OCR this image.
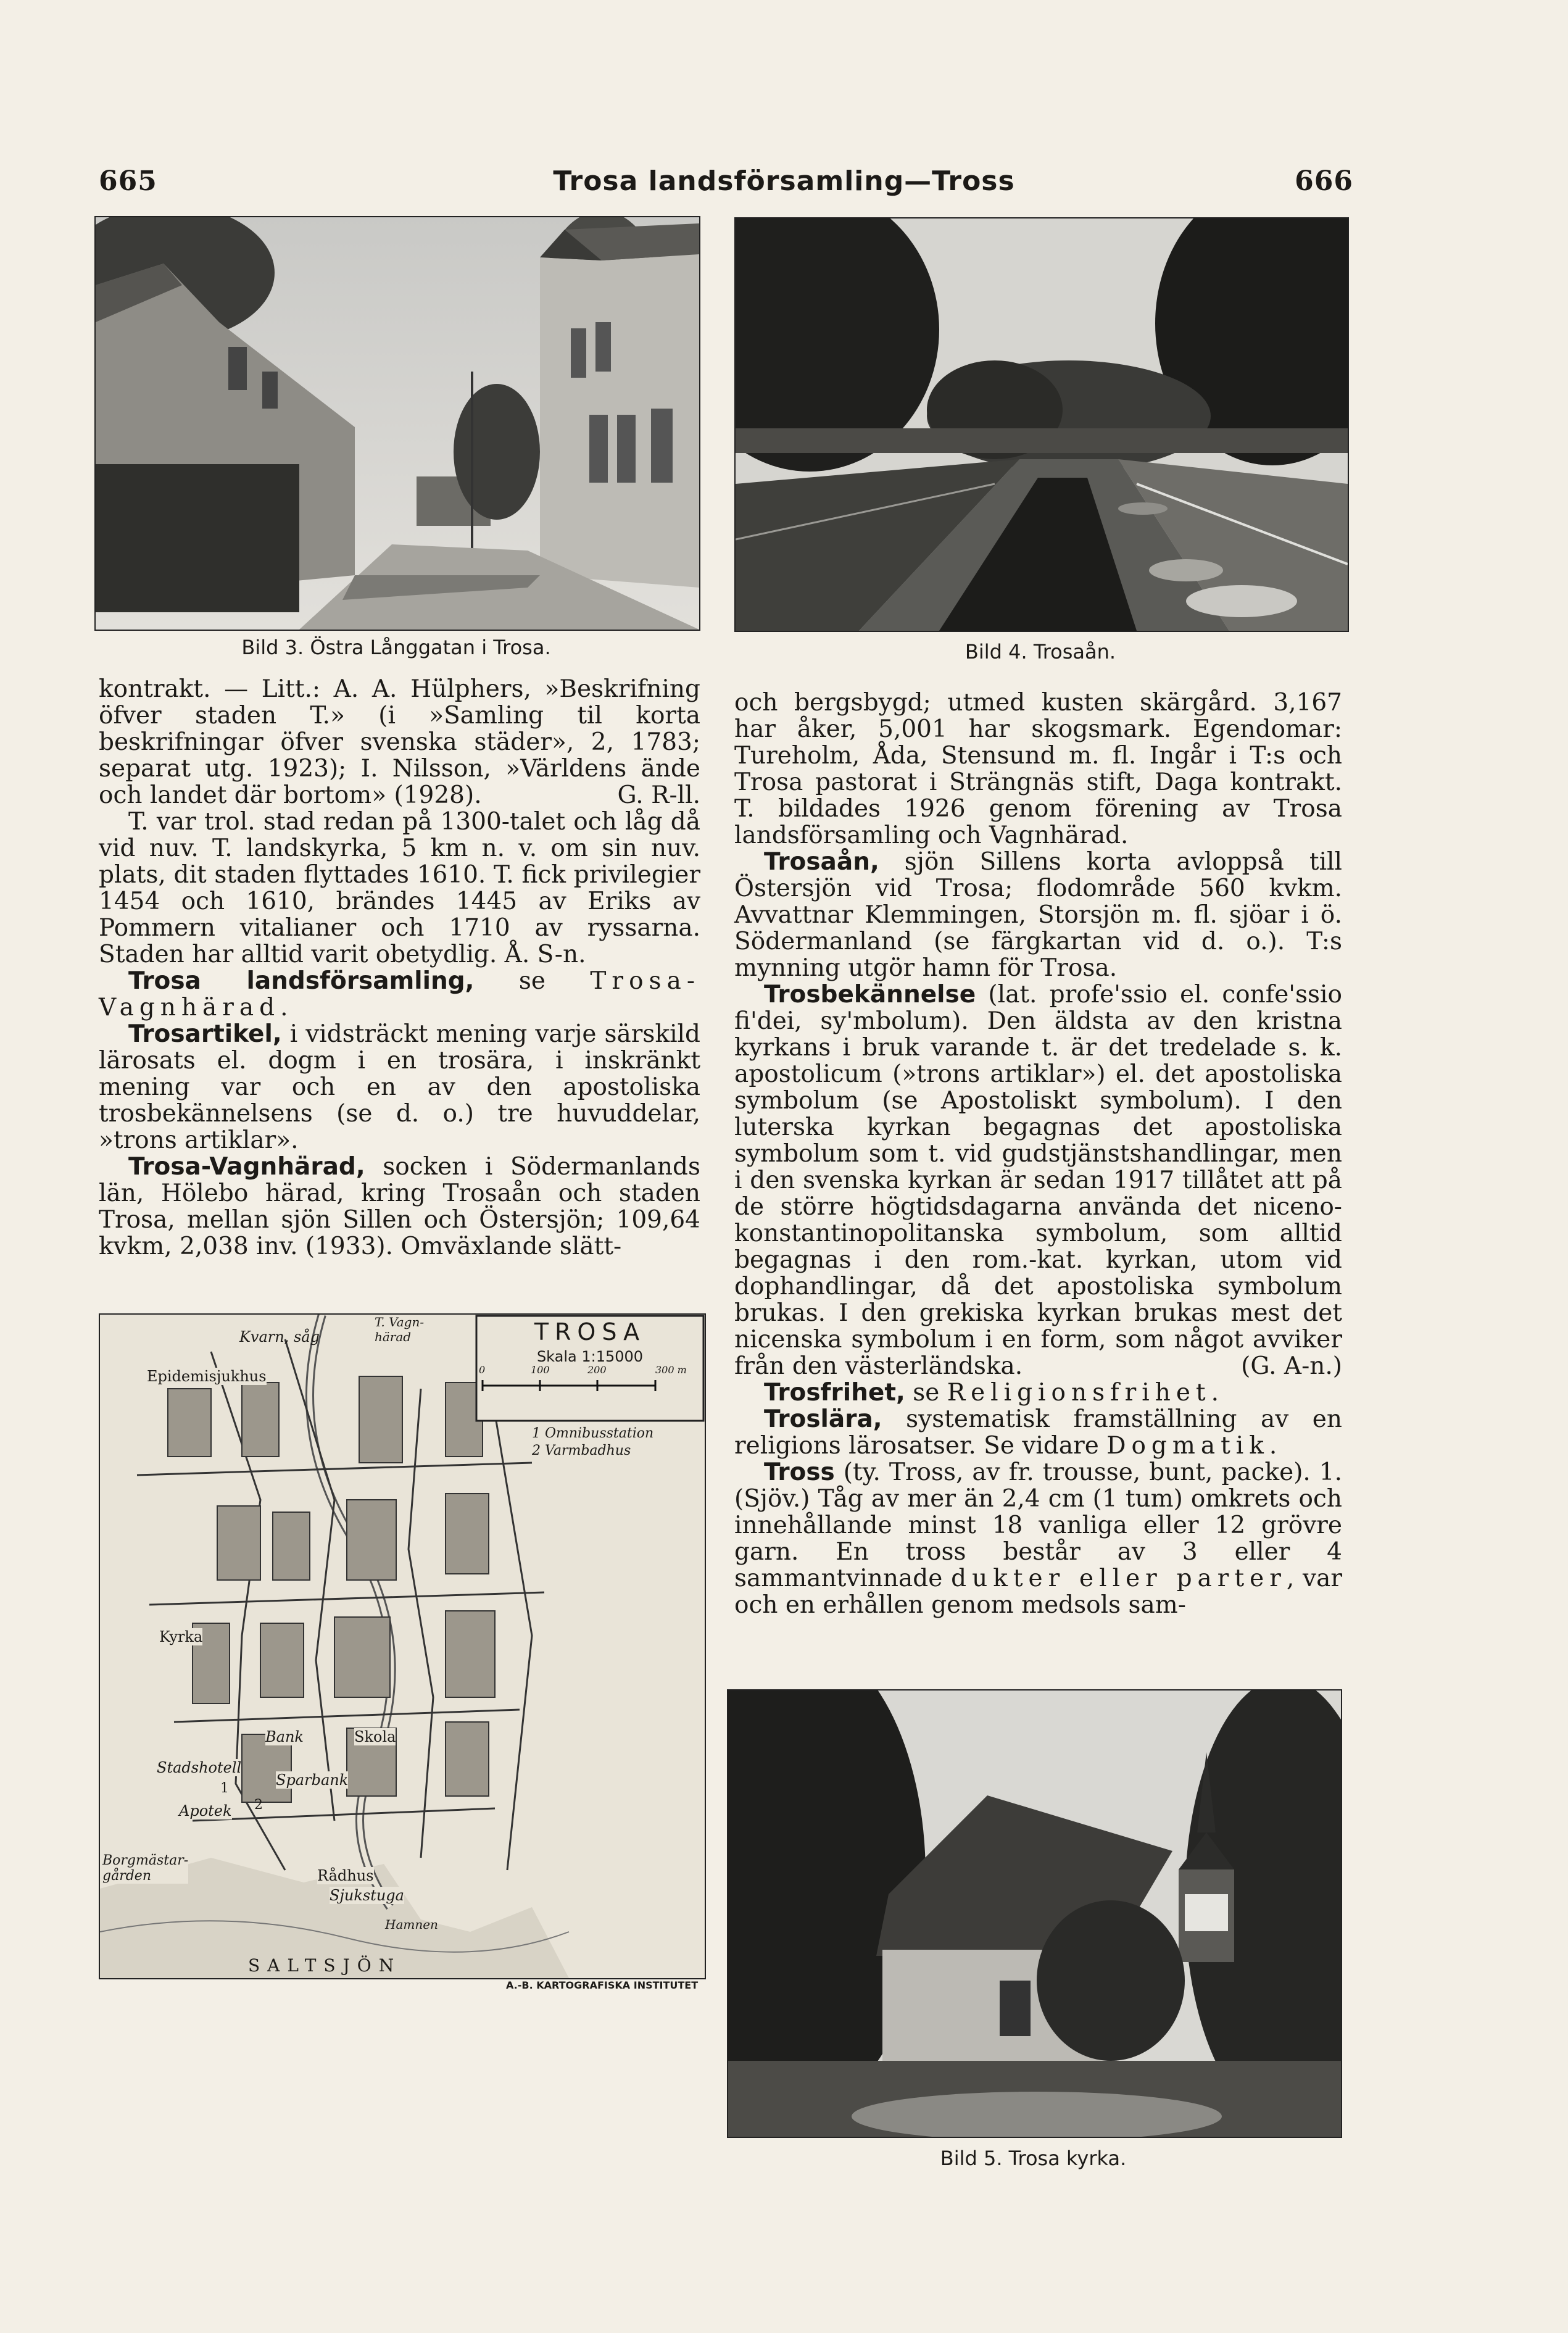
665	Trosa landsförsamling—Tross	666
Bild 3. Östra Långgatan i Trosa.	Bild 4. Trosaån.

kontrakt. — Litt.: A. A. Hülphers, »Beskrifning öfver staden T.» (i »Samling til korta beskrifningar öfver svenska städer», 2, 1783; separat utg. 1923); I. Nilsson, »Världens ände och landet där bortom» (1928).	G. R-ll.

T. var trol. stad redan på 1300-talet och låg då vid nuv. T. landskyrka, 5 km n. v. om sin nuv. plats, dit staden flyttades 1610. T. fick privilegier 1454 och 1610, brändes 1445 av Eriks av Pommern vitalianer och 1710 av ryssarna. Staden har alltid varit obetydlig. Å. S-n.

Trosa landsförsamling, se Trosa-Vagnhärad.

Trosartikel, i vidsträckt mening varje särskild lärosats el. dogm i en trosära, i inskränkt mening var och en av den apostoliska trosbekännelsens (se d. o.) tre huvuddelar, »trons artiklar».

Trosa-Vagnhärad, socken i Södermanlands län, Hölebo härad, kring Trosaån och staden Trosa, mellan sjön Sillen och Östersjön; 109,64 kvkm, 2,038 inv. (1933). Omväxlande slätt-

TROSA
Skala 1:15000
0	100	200	300 m
1 Omnibusstation
2 Varmbadhus
Kvarn, såg
T. Vagn-
härad
Epidemisjukhus
Kyrka
Bank	Skola
Stadshotell
Sparbank
Apotek 2
1
Borgmästar-
gården	Rådhus
Sjukstuga
Hamnen
SALTSJÖN
A.-B. KARTOGRAFISKA INSTITUTET

och bergsbygd; utmed kusten skärgård. 3,167 har åker, 5,001 har skogsmark. Egendomar: Tureholm, Åda, Stensund m. fl. Ingår i T:s och Trosa pastorat i Strängnäs stift, Daga kontrakt. T. bildades 1926 genom förening av Trosa landsförsamling och Vagnhärad.

Trosaån, sjön Sillens korta avloppså till Östersjön vid Trosa; flodområde 560 kvkm. Avvattnar Klemmingen, Storsjön m. fl. sjöar i ö. Södermanland (se färgkartan vid d. o.). T:s mynning utgör hamn för Trosa.

Trosbekännelse (lat. profe'ssio el. confe'ssio fi'dei, sy'mbolum). Den äldsta av den kristna kyrkans i bruk varande t. är det tredelade s. k. apostolicum (»trons artiklar») el. det apostoliska symbolum (se Apostoliskt symbolum). I den luterska kyrkan begagnas det apostoliska symbolum som t. vid gudstjänstshandlingar, men i den svenska kyrkan är sedan 1917 tillåtet att på de större högtidsdagarna använda det niceno-konstantinopolitanska symbolum, som alltid begagnas i den rom.-kat. kyrkan, utom vid dophandlingar, då det apostoliska symbolum brukas. I den grekiska kyrkan brukas mest det nicenska symbolum i en form, som något avviker från den västerländska.	(G. A-n.)

Trosfrihet, se Religionsfrihet.

Troslära, systematisk framställning av en religions lärosatser. Se vidare Dogmatik.

Tross (ty. Tross, av fr. trousse, bunt, packe). 1. (Sjöv.) Tåg av mer än 2,4 cm (1 tum) omkrets och innehållande minst 18 vanliga eller 12 grövre garn. En tross består av 3 eller 4 sammantvinnade dukter eller parter, var och en erhållen genom medsols sam-

Bild 5. Trosa kyrka.
